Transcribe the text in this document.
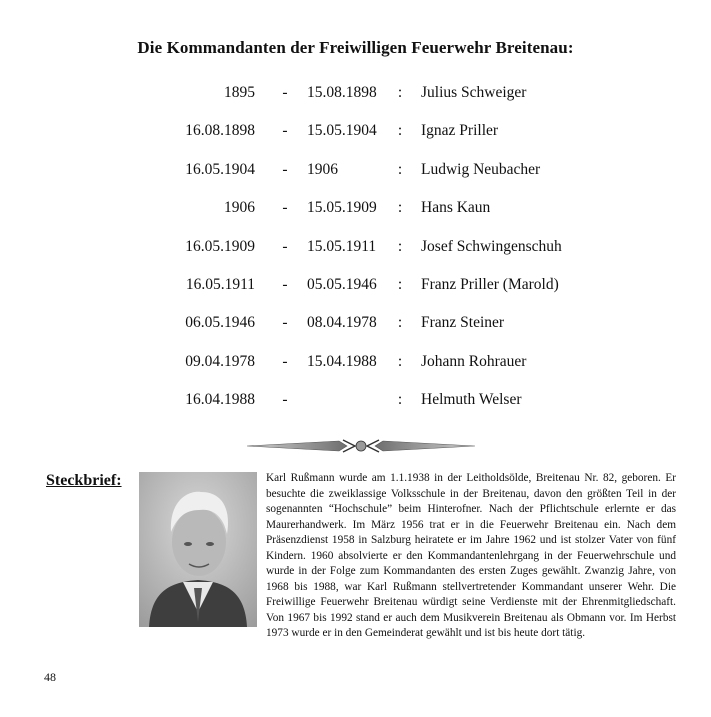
Die Kommandanten der Freiwilligen Feuerwehr Breitenau:
1895 - 15.08.1898 : Julius Schweiger
16.08.1898 - 15.05.1904 : Ignaz Priller
16.05.1904 - 1906	: Ludwig Neubacher
1906 - 15.05.1909 : Hans Kaun
16.05.1909 - 15.05.1911 : Josef Schwingenschuh
16.05.1911 - 05.05.1946 : Franz Priller (Marold)
06.05.1946 - 08.04.1978 : Franz Steiner
09.04.1978 - 15.04.1988 : Johann Rohrauer
16.04.1988 -	: Helmuth Welser
Steckbrief:	Karl Rußmann wurde am 1.1.1938 in der Leitholdsölde, Breitenau Nr. 82, geboren. Er besuchte die zweiklassige Volksschule in der Breitenau, davon den größten Teil in der sogenannten “Hochschule” beim Hinterofner. Nach der Pflichtschule erlernte er das Maurerhandwerk. Im März 1956 trat er in die Feuerwehr Breitenau ein. Nach dem Präsenzdienst 1958 in Salzburg heiratete er im Jahre 1962 und ist stolzer Vater von fünf Kindern. 1960 absolvierte er den Kommandantenlehrgang in der Feuerwehrschule und wurde in der Folge zum Kommandanten des ersten Zuges gewählt. Zwanzig Jahre, von 1968 bis 1988, war Karl Rußmann stellvertretender Kommandant unserer Wehr. Die Freiwillige Feuerwehr Breitenau würdigt seine Verdienste mit der Ehrenmitgliedschaft. Von 1967 bis 1992 stand er auch dem Musikverein Breitenau als Obmann vor. Im Herbst 1973 wurde er in den Gemeinderat gewählt und ist bis heute dort tätig.
48
